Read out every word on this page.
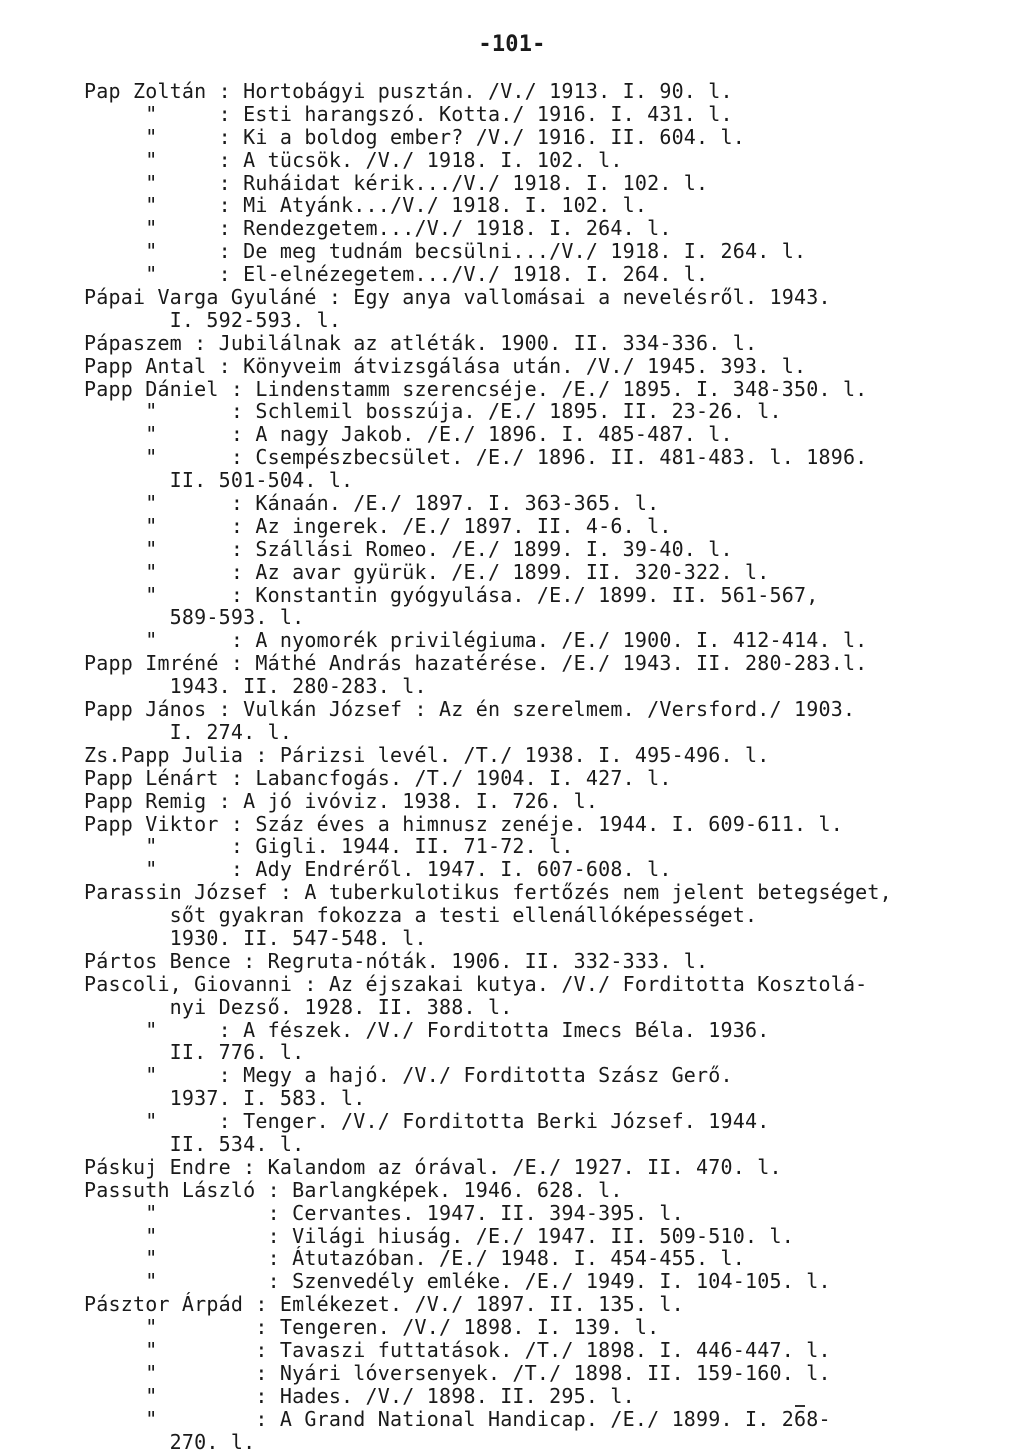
-101-
Pap Zoltán : Hortobágyi pusztán. /V./ 1913. I. 90. l.
"     : Esti harangszó. Kotta./ 1916. I. 431. l.
"     : Ki a boldog ember? /V./ 1916. II. 604. l.
"     : A tücsök. /V./ 1918. I. 102. l.
"     : Ruháidat kérik.../V./ 1918. I. 102. l.
"     : Mi Atyánk.../V./ 1918. I. 102. l.
"     : Rendezgetem.../V./ 1918. I. 264. l.
"     : De meg tudnám becsülni.../V./ 1918. I. 264. l.
"     : El-elnézegetem.../V./ 1918. I. 264. l.
Pápai Varga Gyuláné : Egy anya vallomásai a nevelésről. 1943.
I. 592-593. l.
Pápaszem : Jubilálnak az atléták. 1900. II. 334-336. l.
Papp Antal : Könyveim átvizsgálása után. /V./ 1945. 393. l.
Papp Dániel : Lindenstamm szerencséje. /E./ 1895. I. 348-350. l.
"      : Schlemil bosszúja. /E./ 1895. II. 23-26. l.
"      : A nagy Jakob. /E./ 1896. I. 485-487. l.
"      : Csempészbecsület. /E./ 1896. II. 481-483. l. 1896.
II. 501-504. l.
"      : Kánaán. /E./ 1897. I. 363-365. l.
"      : Az ingerek. /E./ 1897. II. 4-6. l.
"      : Szállási Romeo. /E./ 1899. I. 39-40. l.
"      : Az avar gyürük. /E./ 1899. II. 320-322. l.
"      : Konstantin gyógyulása. /E./ 1899. II. 561-567,
589-593. l.
"      : A nyomorék privilégiuma. /E./ 1900. I. 412-414. l.
Papp Imréné : Máthé András hazatérése. /E./ 1943. II. 280-283.l.
1943. II. 280-283. l.
Papp János : Vulkán József : Az én szerelmem. /Versford./ 1903.
I. 274. l.
Zs.Papp Julia : Párizsi levél. /T./ 1938. I. 495-496. l.
Papp Lénárt : Labancfogás. /T./ 1904. I. 427. l.
Papp Remig : A jó ivóviz. 1938. I. 726. l.
Papp Viktor : Száz éves a himnusz zenéje. 1944. I. 609-611. l.
"      : Gigli. 1944. II. 71-72. l.
"      : Ady Endréről. 1947. I. 607-608. l.
Parassin József : A tuberkulotikus fertőzés nem jelent betegséget,
sőt gyakran fokozza a testi ellenállóképességet.
1930. II. 547-548. l.
Pártos Bence : Regruta-nóták. 1906. II. 332-333. l.
Pascoli, Giovanni : Az éjszakai kutya. /V./ Forditotta Kosztolá-
nyi Dezső. 1928. II. 388. l.
"     : A fészek. /V./ Forditotta Imecs Béla. 1936.
II. 776. l.
"     : Megy a hajó. /V./ Forditotta Szász Gerő.
1937. I. 583. l.
"     : Tenger. /V./ Forditotta Berki József. 1944.
II. 534. l.
Páskuj Endre : Kalandom az órával. /E./ 1927. II. 470. l.
Passuth László : Barlangképek. 1946. 628. l.
"         : Cervantes. 1947. II. 394-395. l.
"         : Világi hiuság. /E./ 1947. II. 509-510. l.
"         : Átutazóban. /E./ 1948. I. 454-455. l.
"         : Szenvedély emléke. /E./ 1949. I. 104-105. l.
Pásztor Árpád : Emlékezet. /V./ 1897. II. 135. l.
"        : Tengeren. /V./ 1898. I. 139. l.
"        : Tavaszi futtatások. /T./ 1898. I. 446-447. l.
"        : Nyári lóversenyek. /T./ 1898. II. 159-160. l.
"        : Hades. /V./ 1898. II. 295. l.
"        : A Grand National Handicap. /E./ 1899. I. 268-
270. l.
